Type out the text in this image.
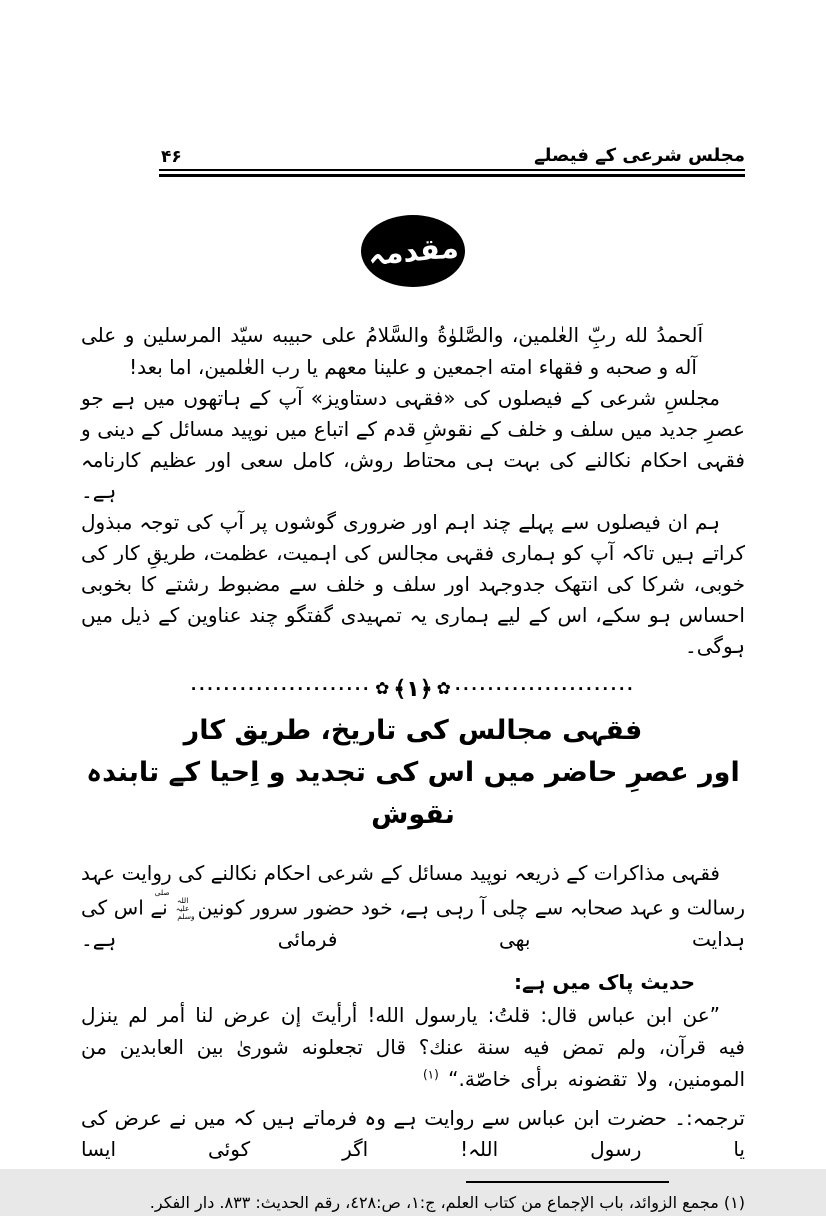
۴۶	مجلس شرعی کے فیصلے
مقدمہ

اَلحمدُ لله ربِّ العٰلمين، والصَّلوٰةُ والسَّلامُ علی حبيبه سيّد المرسلين و علی آله و صحبه و فقهاء امته اجمعين و علينا معهم يا رب العٰلمين، اما بعد!

مجلسِ شرعی کے فیصلوں کی «فقہی دستاویز» آپ کے ہاتھوں میں ہے جو عصرِ جدید میں سلف و خلف کے نقوشِ قدم کے اتباع میں نوپید مسائل کے دینی و فقہی احکام نکالنے کی بہت ہی محتاط روش، کامل سعی اور عظیم کارنامہ ہے۔

ہم ان فیصلوں سے پہلے چند اہم اور ضروری گوشوں پر آپ کی توجہ مبذول کراتے ہیں تاکہ آپ کو ہماری فقہی مجالس کی اہمیت، عظمت، طریقِ کار کی خوبی، شرکا کی انتھک جدوجہد اور سلف و خلف سے مضبوط رشتے کا بخوبی احساس ہو سکے، اس کے لیے ہماری یہ تمہیدی گفتگو چند عناوین کے ذیل میں ہوگی۔

...................... ✿ ﴿۱﴾ ✿ ......................
فقہی مجالس کی تاریخ، طریق کار
اور عصرِ حاضر میں اس کی تجدید و اِحیا کے تابندہ نقوش

فقہی مذاکرات کے ذریعہ نوپید مسائل کے شرعی احکام نکالنے کی روایت عہد رسالت و عہد صحابہ سے چلی آ رہی ہے، خود حضور سرور کونینصلی اللہ علیہ وسلمنے اس کی ہدایت بھی فرمائی ہے۔

حدیث پاک میں ہے:

”عن ابن عباس قال: قلتُ: يارسول الله! أرأيتَ إن عرض لنا أمر لم ينزل فيه قرآن، ولم تمض فيه سنة عنك؟ قال تجعلونه شورىٰ بين العابدين من المومنين، ولا تقضونه برأى خاصّة.“ $^{(۱)}$

ترجمہ:۔ حضرت ابن عباس سے روایت ہے وہ فرماتے ہیں کہ میں نے عرض کی یا رسول اللہ! اگر کوئی ایسا

(۱) مجمع الزوائد، باب الإجماع من كتاب العلم، ج:۱، ص:٤٢٨، رقم الحديث: ۸۳۳. دار الفكر.
